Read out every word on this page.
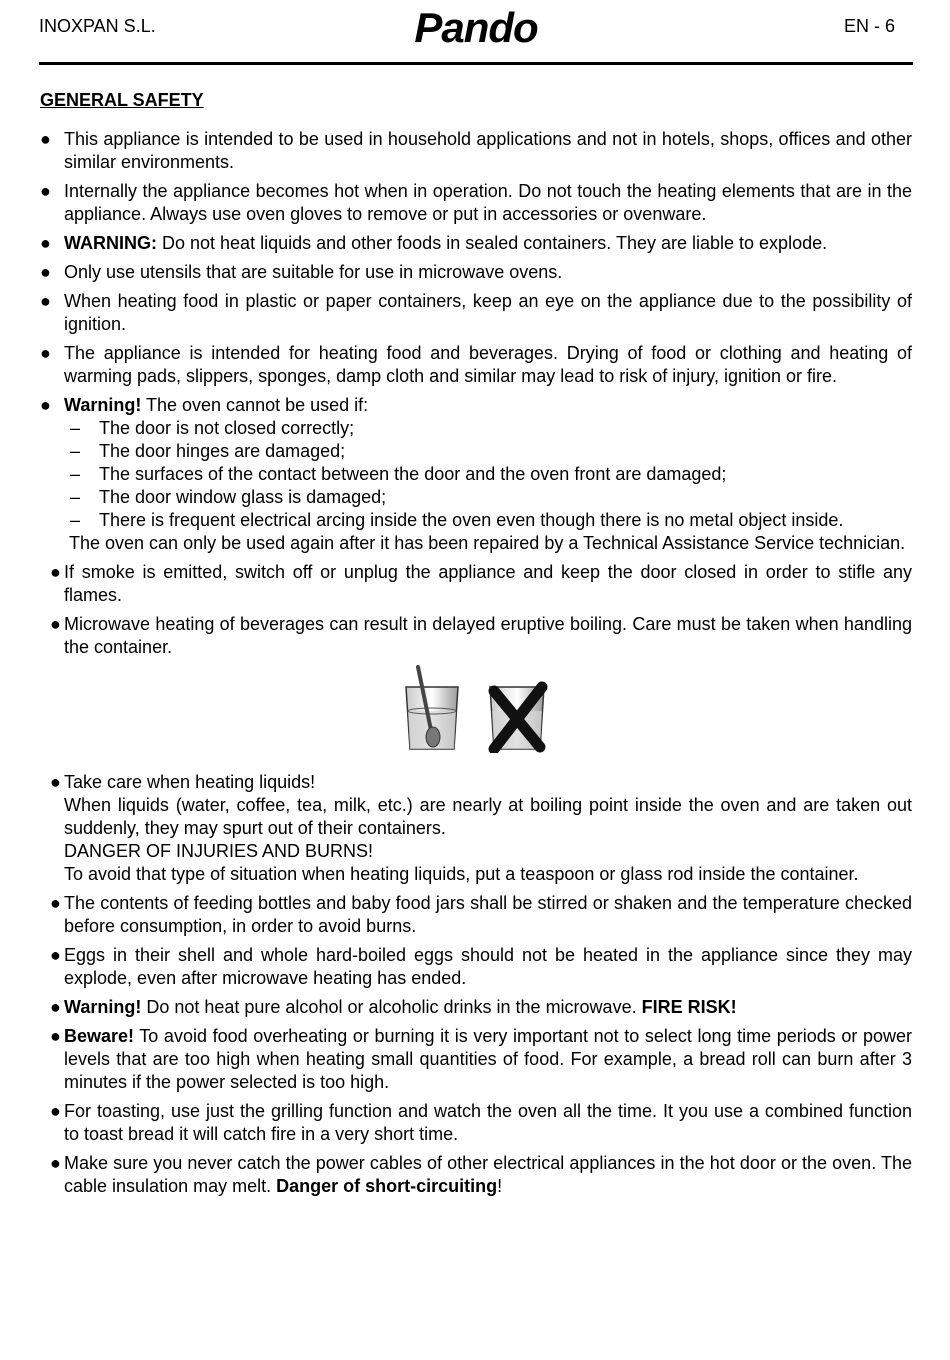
INOXPAN S.L.	Pando	EN - 6
GENERAL SAFETY
● This appliance is intended to be used in household applications and not in hotels, shops, offices and other similar environments.
● Internally the appliance becomes hot when in operation. Do not touch the heating elements that are in the appliance. Always use oven gloves to remove or put in accessories or ovenware.
● WARNING: Do not heat liquids and other foods in sealed containers. They are liable to explode.
● Only use utensils that are suitable for use in microwave ovens.
● When heating food in plastic or paper containers, keep an eye on the appliance due to the possibility of ignition.
● The appliance is intended for heating food and beverages. Drying of food or clothing and heating of warming pads, slippers, sponges, damp cloth and similar may lead to risk of injury, ignition or fire.
● Warning! The oven cannot be used if:
– The door is not closed correctly;
– The door hinges are damaged;
– The surfaces of the contact between the door and the oven front are damaged;
– The door window glass is damaged;
– There is frequent electrical arcing inside the oven even though there is no metal object inside.
The oven can only be used again after it has been repaired by a Technical Assistance Service technician.
● If smoke is emitted, switch off or unplug the appliance and keep the door closed in order to stifle any flames.
● Microwave heating of beverages can result in delayed eruptive boiling. Care must be taken when handling the container.
● Take care when heating liquids!
When liquids (water, coffee, tea, milk, etc.) are nearly at boiling point inside the oven and are taken out suddenly, they may spurt out of their containers.
DANGER OF INJURIES AND BURNS!
To avoid that type of situation when heating liquids, put a teaspoon or glass rod inside the container.
● The contents of feeding bottles and baby food jars shall be stirred or shaken and the temperature checked before consumption, in order to avoid burns.
● Eggs in their shell and whole hard-boiled eggs should not be heated in the appliance since they may explode, even after microwave heating has ended.
● Warning! Do not heat pure alcohol or alcoholic drinks in the microwave. FIRE RISK!
● Beware! To avoid food overheating or burning it is very important not to select long time periods or power levels that are too high when heating small quantities of food. For example, a bread roll can burn after 3 minutes if the power selected is too high.
● For toasting, use just the grilling function and watch the oven all the time. It you use a combined function to toast bread it will catch fire in a very short time.
● Make sure you never catch the power cables of other electrical appliances in the hot door or the oven. The cable insulation may melt. Danger of short-circuiting!
